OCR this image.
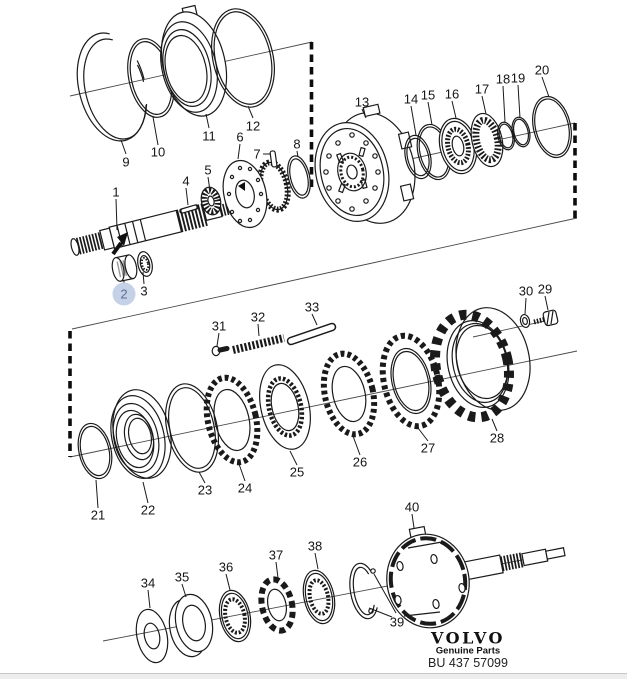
1
2 3
4
5
6
7
8
9
10
11
12
13	14 15 16 17
18 19
20
21	22
23 24
25
26
27
28
29
30
31
32
33
34 35
36
37
38
39
40
VOLVO
Genuine Parts
BU 437 57099
